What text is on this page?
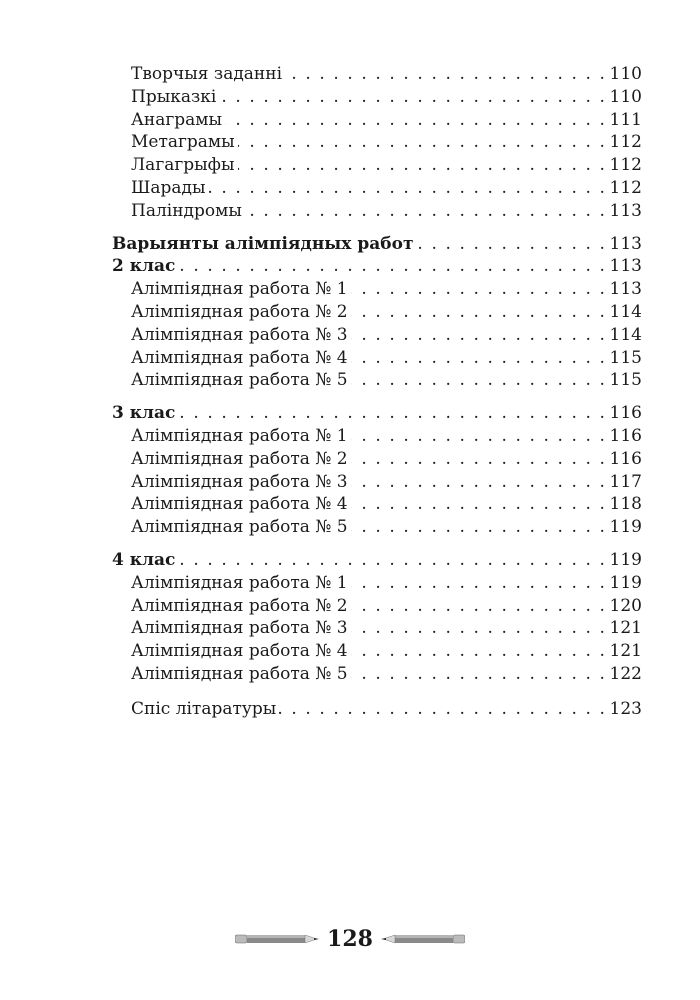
Творчыя заданні . . .	110
Прыказкі . . .	110
Анаграмы . . .	111
Метаграмы . . .	112
Лагагрыфы . . .	112
Шарады . . .	112
Паліндромы . . .	113
Варыянты алімпіядных работ . . .	113
2 клас . . .	113
Алімпіядная работа № 1 . . .	113
Алімпіядная работа № 2 . . .	114
Алімпіядная работа № 3 . . .	114
Алімпіядная работа № 4 . . .	115
Алімпіядная работа № 5 . . .	115
3 клас . . .	116
Алімпіядная работа № 1 . . .	116
Алімпіядная работа № 2 . . .	116
Алімпіядная работа № 3 . . .	117
Алімпіядная работа № 4 . . .	118
Алімпіядная работа № 5 . . .	119
4 клас . . .	119
Алімпіядная работа № 1 . . .	119
Алімпіядная работа № 2 . . .	120
Алімпіядная работа № 3 . . .	121
Алімпіядная работа № 4 . . .	121
Алімпіядная работа № 5 . . .	122
Спіс літаратуры . . .	123
128
